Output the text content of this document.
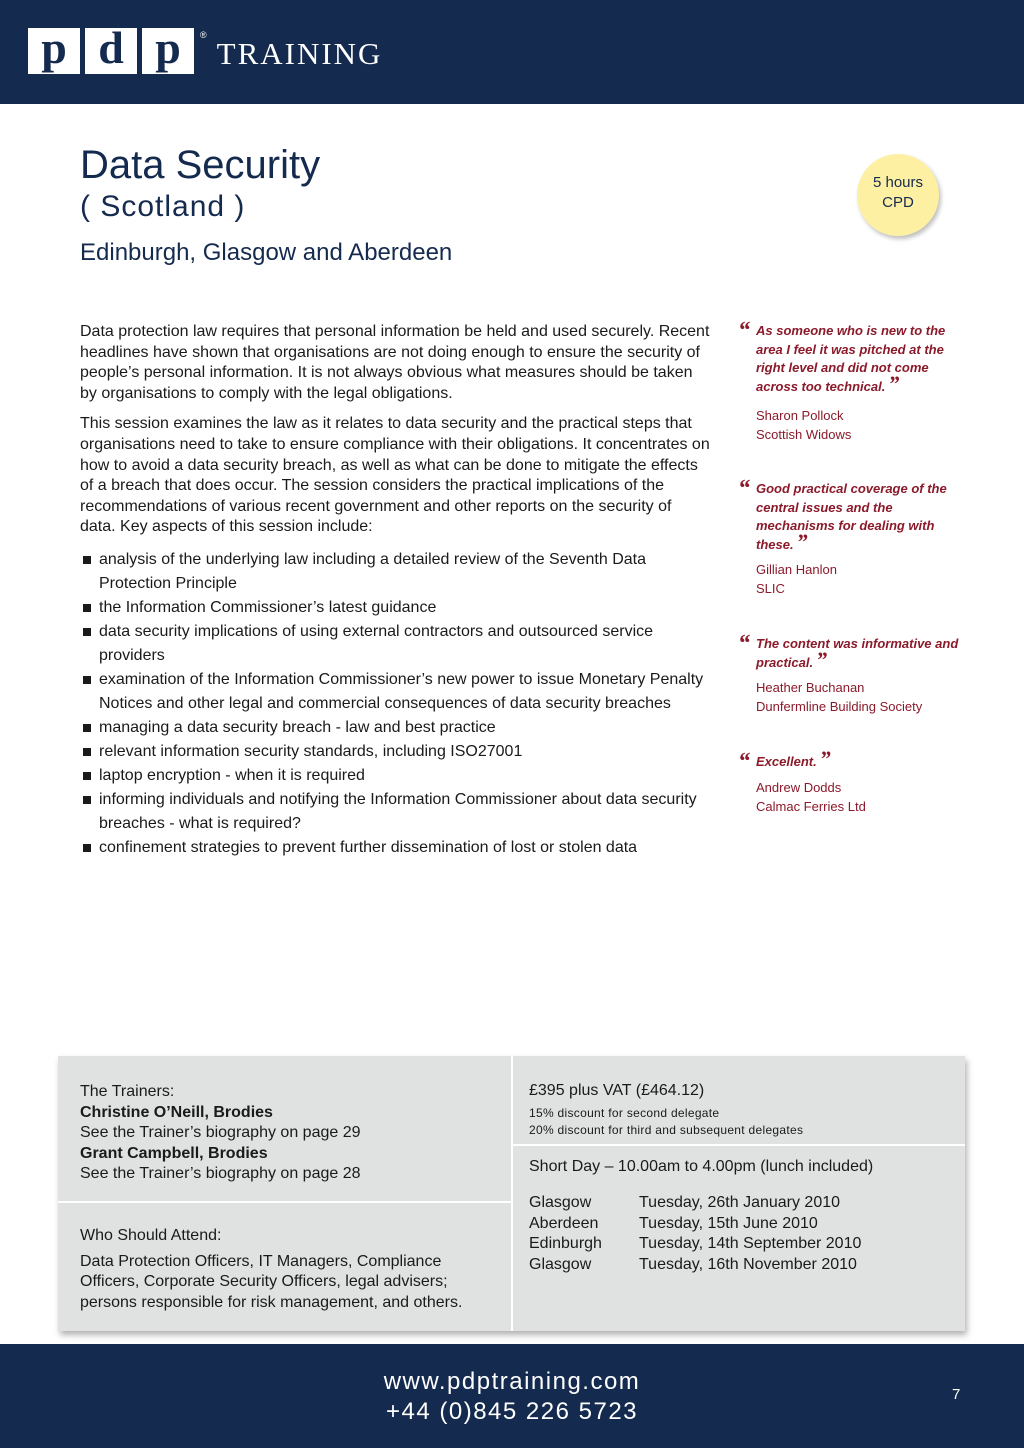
p d p	®
TRAINING
Data Security
( Scotland )
Edinburgh, Glasgow and Aberdeen
5 hours
CPD

Data protection law requires that personal information be held and used securely. Recent headlines have shown that organisations are not doing enough to ensure the security of people’s personal information. It is not always obvious what measures should be taken by organisations to comply with the legal obligations.

This session examines the law as it relates to data security and the practical steps that organisations need to take to ensure compliance with their obligations. It concentrates on how to avoid a data security breach, as well as what can be done to mitigate the effects of a breach that does occur. The session considers the practical implications of the recommendations of various recent government and other reports on the security of data. Key aspects of this session include:

analysis of the underlying law including a detailed review of the Seventh Data Protection Principle
the Information Commissioner’s latest guidance
data security implications of using external contractors and outsourced service providers
examination of the Information Commissioner’s new power to issue Monetary Penalty Notices and other legal and commercial consequences of data security breaches
managing a data security breach - law and best practice
relevant information security standards, including ISO27001
laptop encryption - when it is required
informing individuals and notifying the Information Commissioner about data security breaches - what is required?
confinement strategies to prevent further dissemination of lost or stolen data
“ As someone who is new to the area I feel it was pitched at the right level and did not come across too technical. ”
Sharon Pollock
Scottish Widows
“ Good practical coverage of the central issues and the mechanisms for dealing with these. ”
Gillian Hanlon
SLIC
“ The content was informative and practical. ”
Heather Buchanan
Dunfermline Building Society
“ Excellent. ”
Andrew Dodds
Calmac Ferries Ltd
The Trainers:
Christine O’Neill, Brodies
See the Trainer’s biography on page 29
Grant Campbell, Brodies
See the Trainer’s biography on page 28
Who Should Attend:
Data Protection Officers, IT Managers, Compliance Officers, Corporate Security Officers, legal advisers; persons responsible for risk management, and others.
£395 plus VAT (£464.12)
15% discount for second delegate
20% discount for third and subsequent delegates
Short Day – 10.00am to 4.00pm (lunch included)
Glasgow	Tuesday, 26th January 2010
Aberdeen	Tuesday, 15th June 2010
Edinburgh	Tuesday, 14th September 2010
Glasgow	Tuesday, 16th November 2010
www.pdptraining.com
+44 (0)845 226 5723
7
